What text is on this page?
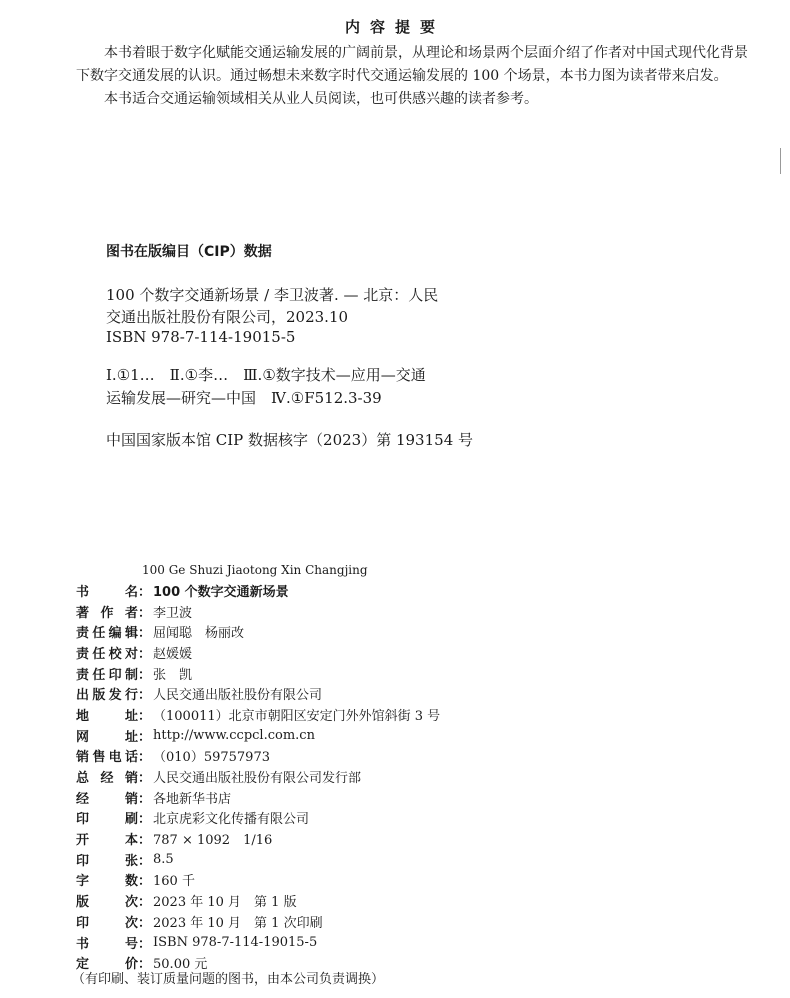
内容提要

本书着眼于数字化赋能交通运输发展的广阔前景，从理论和场景两个层面介绍了作者对中国式现代化背景下数字交通发展的认识。通过畅想未来数字时代交通运输发展的 100 个场景，本书力图为读者带来启发。

本书适合交通运输领域相关从业人员阅读，也可供感兴趣的读者参考。

图书在版编目（CIP）数据
100 个数字交通新场景 / 李卫波著. — 北京：人民
交通出版社股份有限公司，2023.10
ISBN 978-7-114-19015-5
Ⅰ.①1…　Ⅱ.①李…　Ⅲ.①数字技术—应用—交通
运输发展—研究—中国　Ⅳ.①F512.3-39
中国国家版本馆 CIP 数据核字（2023）第 193154 号
100 Ge Shuzi Jiaotong Xin Changjing
书	名 ： 100 个数字交通新场景
著 作 者 ： 李卫波
责 任 编 辑 ： 屈闻聪　杨丽改
责 任 校 对 ： 赵媛媛
责 任 印 制 ： 张　凯
出 版 发 行 ： 人民交通出版社股份有限公司
地	址 ： （100011）北京市朝阳区安定门外外馆斜街 3 号
网	址 ： http://www.ccpcl.com.cn
销 售 电 话 ： （010）59757973
总 经 销 ： 人民交通出版社股份有限公司发行部
经	销 ： 各地新华书店
印	刷 ： 北京虎彩文化传播有限公司
开	本 ： 787 × 1092　1/16
印	张 ： 8.5
字	数 ： 160 千
版	次 ： 2023 年 10 月　第 1 版
印	次 ： 2023 年 10 月　第 1 次印刷
书	号 ： ISBN 978-7-114-19015-5
定	价 ： 50.00 元
（有印刷、装订质量问题的图书，由本公司负责调换）
